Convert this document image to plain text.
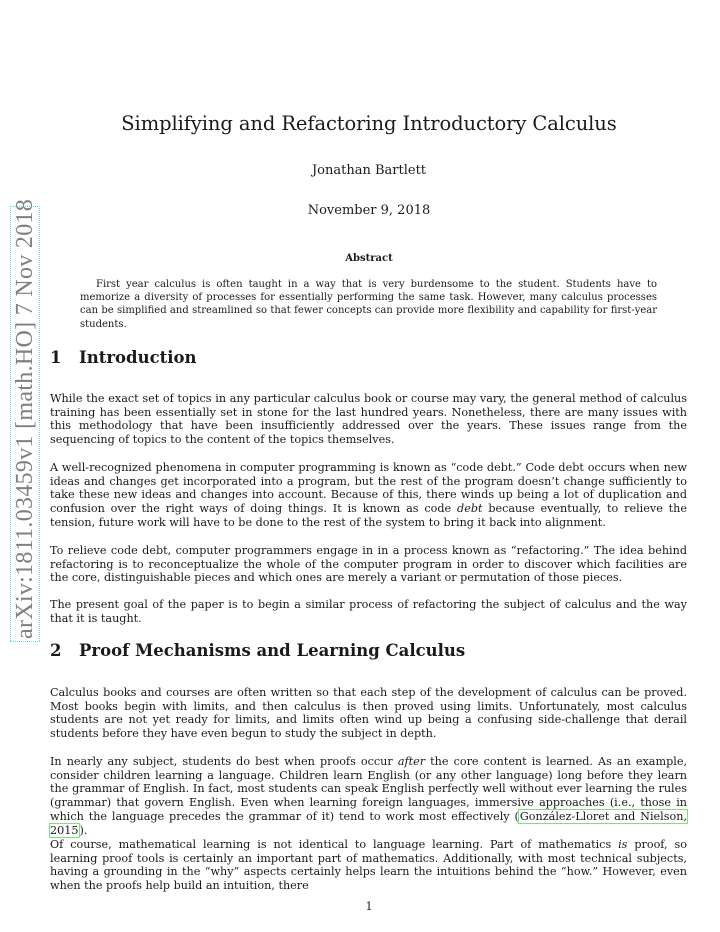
arXiv:1811.03459v1 [math.HO] 7 Nov 2018
Simplifying and Refactoring Introductory Calculus
Jonathan Bartlett
November 9, 2018
Abstract
First year calculus is often taught in a way that is very burdensome to the student. Students have to memorize a diversity of processes for essentially performing the same task. However, many calculus processes can be simplified and streamlined so that fewer concepts can provide more flexibility and capability for first-year students.
1 Introduction
While the exact set of topics in any particular calculus book or course may vary, the general method of calculus training has been essentially set in stone for the last hundred years. Nonetheless, there are many issues with this methodology that have been insufficiently addressed over the years. These issues range from the sequencing of topics to the content of the topics themselves.
A well-recognized phenomena in computer programming is known as “code debt.” Code debt occurs when new ideas and changes get incorporated into a program, but the rest of the program doesn’t change sufficiently to take these new ideas and changes into account. Because of this, there winds up being a lot of duplication and confusion over the right ways of doing things. It is known as code debt because eventually, to relieve the tension, future work will have to be done to the rest of the system to bring it back into alignment.
To relieve code debt, computer programmers engage in in a process known as “refactoring.” The idea behind refactoring is to reconceptualize the whole of the computer program in order to discover which facilities are the core, distinguishable pieces and which ones are merely a variant or permutation of those pieces.
The present goal of the paper is to begin a similar process of refactoring the subject of calculus and the way that it is taught.
2 Proof Mechanisms and Learning Calculus
Calculus books and courses are often written so that each step of the development of calculus can be proved. Most books begin with limits, and then calculus is then proved using limits. Unfortunately, most calculus students are not yet ready for limits, and limits often wind up being a confusing side-challenge that derail students before they have even begun to study the subject in depth.
In nearly any subject, students do best when proofs occur after the core content is learned. As an example, consider children learning a language. Children learn English (or any other language) long before they learn the grammar of English. In fact, most students can speak English perfectly well without ever learning the rules (grammar) that govern English. Even when learning foreign languages, immersive approaches (i.e., those in which the language precedes the grammar of it) tend to work most effectively (González-Lloret and Nielson, 2015).
Of course, mathematical learning is not identical to language learning. Part of mathematics is proof, so learning proof tools is certainly an important part of mathematics. Additionally, with most technical subjects, having a grounding in the “why” aspects certainly helps learn the intuitions behind the “how.” However, even when the proofs help build an intuition, there
1
